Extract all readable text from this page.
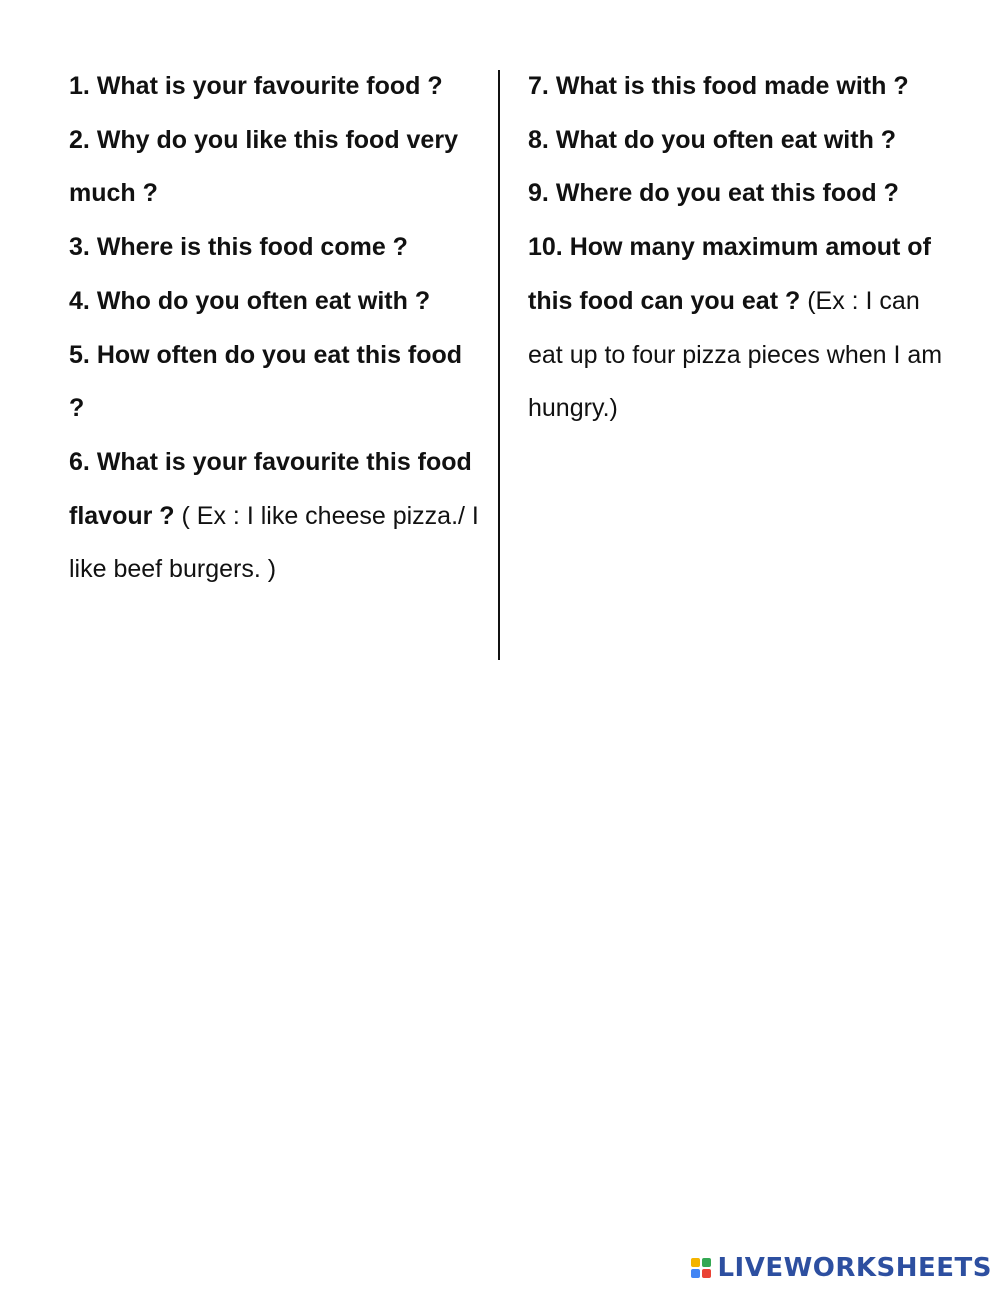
1. What is your favourite food ?
2. Why do you like this food very much ?
3. Where is this food come ?
4. Who do you often eat with ?
5. How often do you eat this food ?
6. What is your favourite this food flavour ? ( Ex : I like cheese pizza./ I like beef burgers. )
7. What is this food made with ?
8. What do you often eat with ?
9. Where do you eat this food ?
10. How many maximum amout of this food can you eat ? (Ex : I can eat up to four pizza pieces when I am hungry.)
LIVEWORKSHEETS
